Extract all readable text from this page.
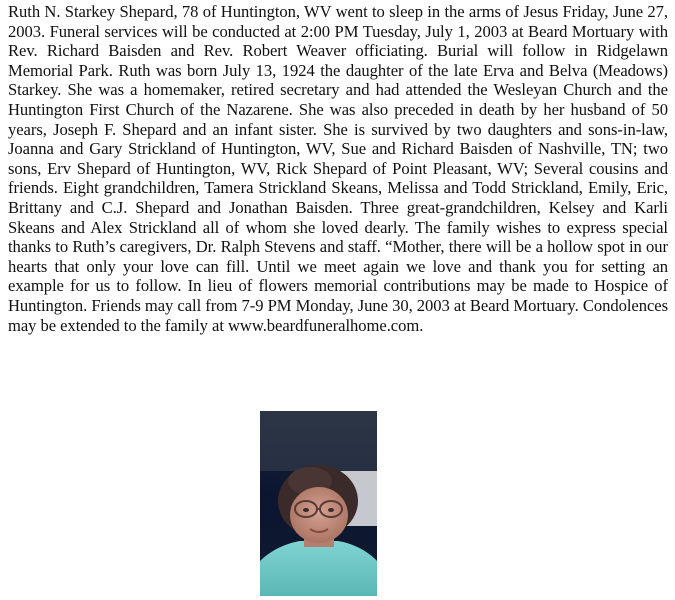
Ruth N. Starkey Shepard, 78 of Huntington, WV went to sleep in the arms of Jesus Friday, June 27, 2003. Funeral services will be conducted at 2:00 PM Tuesday, July 1, 2003 at Beard Mortuary with Rev. Richard Baisden and Rev. Robert Weaver officiating. Burial will follow in Ridgelawn Memorial Park. Ruth was born July 13, 1924 the daughter of the late Erva and Belva (Meadows) Starkey. She was a homemaker, retired secretary and had attended the Wesleyan Church and the Huntington First Church of the Nazarene. She was also preceded in death by her husband of 50 years, Joseph F. Shepard and an infant sister. She is survived by two daughters and sons-in-law, Joanna and Gary Strickland of Huntington, WV, Sue and Richard Baisden of Nashville, TN; two sons, Erv Shepard of Huntington, WV, Rick Shepard of Point Pleasant, WV; Several cousins and friends. Eight grandchildren, Tamera Strickland Skeans, Melissa and Todd Strickland, Emily, Eric, Brittany and C.J. Shepard and Jonathan Baisden. Three great-grandchildren, Kelsey and Karli Skeans and Alex Strickland all of whom she loved dearly. The family wishes to express special thanks to Ruth’s caregivers, Dr. Ralph Stevens and staff. “Mother, there will be a hollow spot in our hearts that only your love can fill. Until we meet again we love and thank you for setting an example for us to follow. In lieu of flowers memorial contributions may be made to Hospice of Huntington. Friends may call from 7-9 PM Monday, June 30, 2003 at Beard Mortuary. Condolences may be extended to the family at www.beardfuneralhome.com.
